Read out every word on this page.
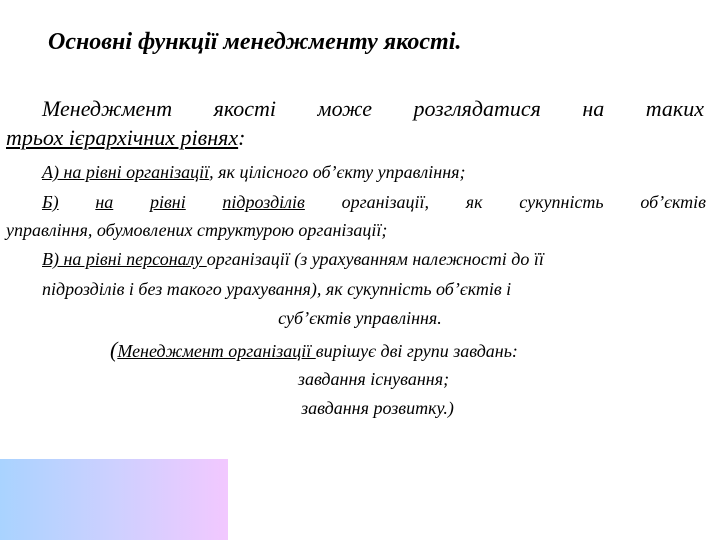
Основні функції менеджменту якості.
Менеджмент якості може розглядатися на таких
трьох ієрархічних рівнях:
А) на рівні організації, як цілісного об’єкту управління;
Б) на рівні підрозділів організації, як сукупність об’єктів
управління, обумовлених структурою організації;
В) на рівні персоналу організації (з урахуванням належності до її
підрозділів і без такого урахування), як сукупність об’єктів і
суб’єктів управління.
(Менеджмент організації вирішує дві групи завдань:
завдання існування;
завдання розвитку.)
